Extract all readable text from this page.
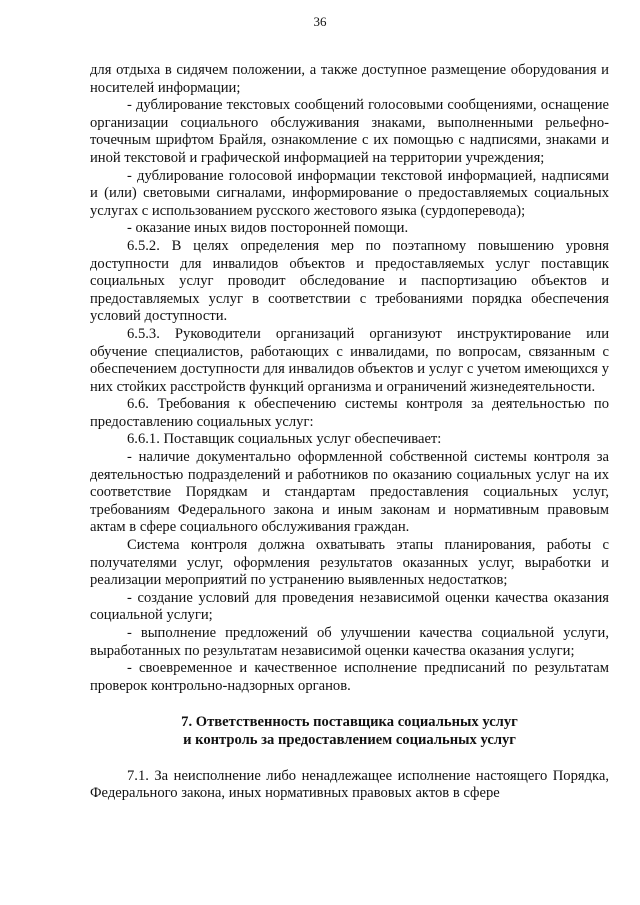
36

для отдыха в сидячем положении, а также доступное размещение оборудования и носителей информации;

- дублирование текстовых сообщений голосовыми сообщениями, оснащение организации социального обслуживания знаками, выполненными рельефно-точечным шрифтом Брайля, ознакомление с их помощью с надписями, знаками и иной текстовой и графической информацией на территории учреждения;

- дублирование голосовой информации текстовой информацией, надписями и (или) световыми сигналами, информирование о предоставляемых социальных услугах с использованием русского жестового языка (сурдоперевода);

- оказание иных видов посторонней помощи.

6.5.2. В целях определения мер по поэтапному повышению уровня доступности для инвалидов объектов и предоставляемых услуг поставщик социальных услуг проводит обследование и паспортизацию объектов и предоставляемых услуг в соответствии с требованиями порядка обеспечения условий доступности.

6.5.3. Руководители организаций организуют инструктирование или обучение специалистов, работающих с инвалидами, по вопросам, связанным с обеспечением доступности для инвалидов объектов и услуг с учетом имеющихся у них стойких расстройств функций организма и ограничений жизнедеятельности.

6.6. Требования к обеспечению системы контроля за деятельностью по предоставлению социальных услуг:

6.6.1. Поставщик социальных услуг обеспечивает:

- наличие документально оформленной собственной системы контроля за деятельностью подразделений и работников по оказанию социальных услуг на их соответствие Порядкам и стандартам предоставления социальных услуг, требованиям Федерального закона и иным законам и нормативным правовым актам в сфере социального обслуживания граждан.

Система контроля должна охватывать этапы планирования, работы с получателями услуг, оформления результатов оказанных услуг, выработки и реализации мероприятий по устранению выявленных недостатков;

- создание условий для проведения независимой оценки качества оказания социальной услуги;

- выполнение предложений об улучшении качества социальной услуги, выработанных по результатам независимой оценки качества оказания услуги;

- своевременное и качественное исполнение предписаний по результатам проверок контрольно-надзорных органов.

7. Ответственность поставщика социальных услуг
и контроль за предоставлением социальных услуг

7.1. За неисполнение либо ненадлежащее исполнение настоящего Порядка, Федерального закона, иных нормативных правовых актов в сфере
